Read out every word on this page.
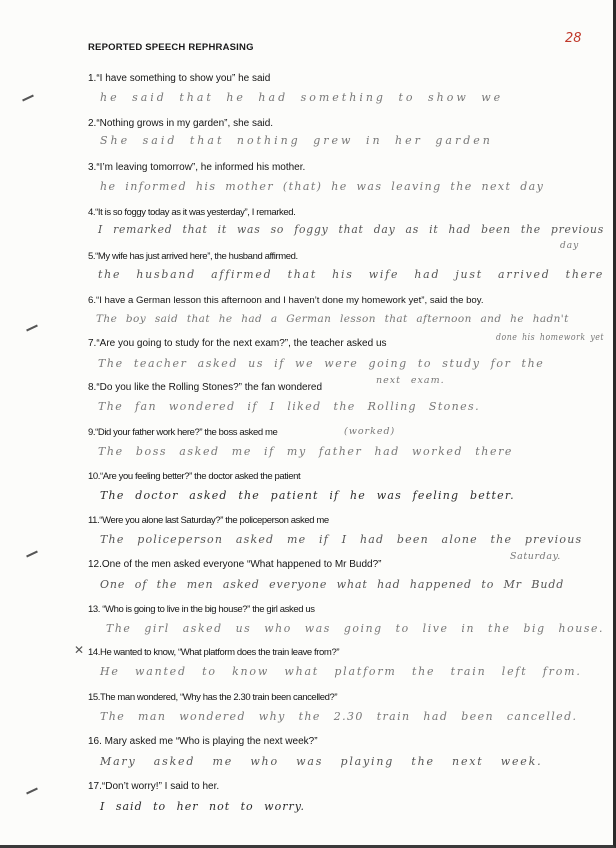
REPORTED SPEECH REPHRASING
28
✕
1.“I have something to show you” he said
he said that he had something to show we
2.“Nothing grows in my garden”, she said.
She said that nothing grew in her garden
3.“I’m leaving tomorrow”, he informed his mother.
he informed his mother (that) he was leaving the next day
4.“It is so foggy today as it was yesterday”, I remarked.
I remarked that it was so foggy that day as it had been the previous
day
5.“My wife has just arrived here”, the husband affirmed.
the husband affirmed that his wife had just arrived there
6.“I have a German lesson this afternoon and I haven’t done my homework yet”, said the boy.
The boy said that he had a German lesson that afternoon and he hadn't
done his homework yet
7.“Are you going to study for the next exam?”, the teacher asked us
The teacher asked us if we were going to study for the
next exam.
8.“Do you like the Rolling Stones?” the fan wondered
The fan wondered if I liked the Rolling Stones.
9.“Did your father work here?” the boss asked me	(worked)
The boss asked me if my father had worked there
10.“Are you feeling better?” the doctor asked the patient
The doctor asked the patient if he was feeling better.
11.“Were you alone last Saturday?” the policeperson asked me
The policeperson asked me if I had been alone the previous
Saturday.
12.One of the men asked everyone “What happened to Mr Budd?”
One of the men asked everyone what had happened to Mr Budd
13. “Who is going to live in the big house?” the girl asked us
The girl asked us who was going to live in the big house.
14.He wanted to know, “What platform does the train leave from?”
He wanted to know what platform the train left from.
15.The man wondered, “Why has the 2.30 train been cancelled?”
The man wondered why the 2.30 train had been cancelled.
16. Mary asked me “Who is playing the next week?”
Mary asked me who was playing the next week.
17.“Don’t worry!” I said to her.
I said to her not to worry.
